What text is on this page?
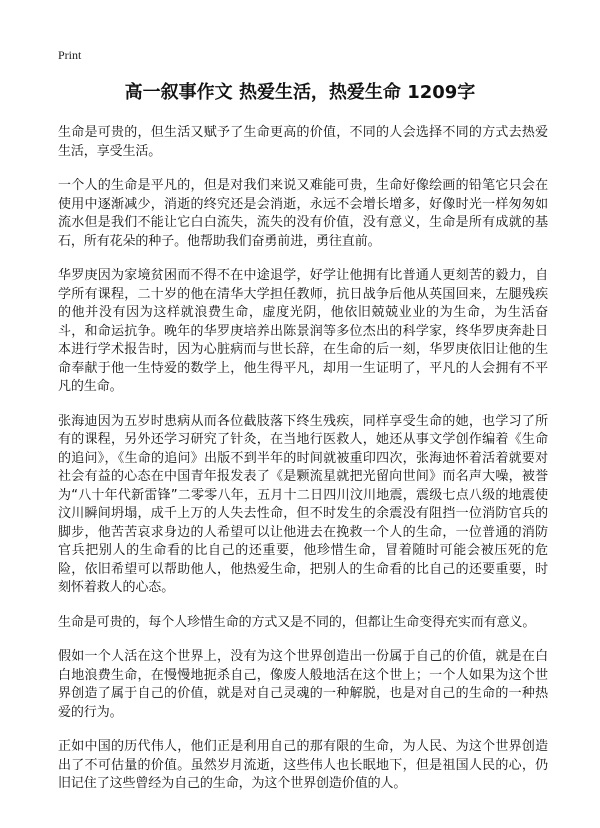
Print
高一叙事作文 热爱生活，热爱生命 1209字

生命是可贵的，但生活又赋予了生命更高的价值，不同的人会选择不同的方式去热爱生活，享受生活。

一个人的生命是平凡的，但是对我们来说又难能可贵，生命好像绘画的铅笔它只会在使用中逐渐减少，消逝的终究还是会消逝，永远不会增长增多，好像时光一样匆匆如流水但是我们不能让它白白流失，流失的没有价值，没有意义，生命是所有成就的基石，所有花朵的种子。他帮助我们奋勇前进，勇往直前。

华罗庚因为家境贫困而不得不在中途退学，好学让他拥有比普通人更刻苦的毅力，自学所有课程，二十岁的他在清华大学担任教师，抗日战争后他从英国回来，左腿残疾的他并没有因为这样就浪费生命，虚度光阴，他依旧兢兢业业的为生命，为生活奋斗，和命运抗争。晚年的华罗庚培养出陈景润等多位杰出的科学家，终华罗庚奔赴日本进行学术报告时，因为心脏病而与世长辞，在生命的后一刻，华罗庚依旧让他的生命奉献于他一生恃爱的数学上，他生得平凡，却用一生证明了，平凡的人会拥有不平凡的生命。

张海迪因为五岁时患病从而各位截肢落下终生残疾，同样享受生命的她，也学习了所有的课程，另外还学习研究了针灸，在当地行医救人，她还从事文学创作编着《生命的追问》，《生命的追问》出版不到半年的时间就被重印四次，张海迪怀着活着就要对社会有益的心态在中国青年报发表了《是颗流星就把光留向世间》而名声大噪，被誉为“八十年代新雷锋”二零零八年，五月十二日四川汶川地震，震级七点八级的地震使汶川瞬间坍塌，成千上万的人失去性命，但不时发生的余震没有阻挡一位消防官兵的脚步，他苦苦哀求身边的人希望可以让他进去在挽救一个人的生命，一位普通的消防官兵把别人的生命看的比自己的还重要，他珍惜生命，冒着随时可能会被压死的危险，依旧希望可以帮助他人，他热爱生命，把别人的生命看的比自己的还要重要，时刻怀着救人的心态。

生命是可贵的，每个人珍惜生命的方式又是不同的，但都让生命变得充实而有意义。

假如一个人活在这个世界上，没有为这个世界创造出一份属于自己的价值，就是在白白地浪费生命，在慢慢地扼杀自己，像废人般地活在这个世上；一个人如果为这个世界创造了属于自己的价值，就是对自己灵魂的一种解脱，也是对自己的生命的一种热爱的行为。

正如中国的历代伟人，他们正是利用自己的那有限的生命，为人民、为这个世界创造出了不可估量的价值。虽然岁月流逝，这些伟人也长眠地下，但是祖国人民的心，仍旧记住了这些曾经为自己的生命，为这个世界创造价值的人。
